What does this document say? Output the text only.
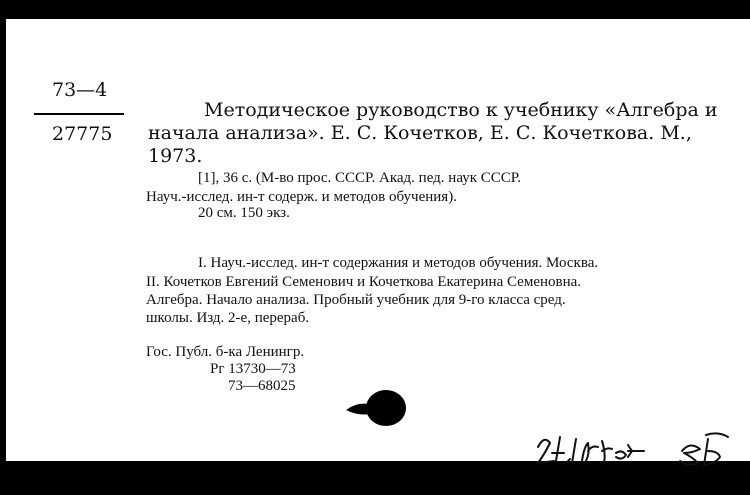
73—4
27775
Методическое руководство к учебнику «Алгебра и
начала анализа». Е. С. Кочетков, Е. С. Кочеткова. М.,
1973.
[1], 36 с. (М-во прос. СССР. Акад. пед. наук СССР.
Науч.-исслед. ин-т содерж. и методов обучения).
20 см. 150 экз.
I. Науч.-исслед. ин-т содержания и методов обучения. Москва.
II. Кочетков Евгений Семенович и Кочеткова Екатерина Семеновна.
Алгебра. Начало анализа. Пробный учебник для 9-го класса сред.
школы. Изд. 2-е, перераб.
Гос. Публ. б-ка Ленингр.
Рг 13730—73
73—68025
